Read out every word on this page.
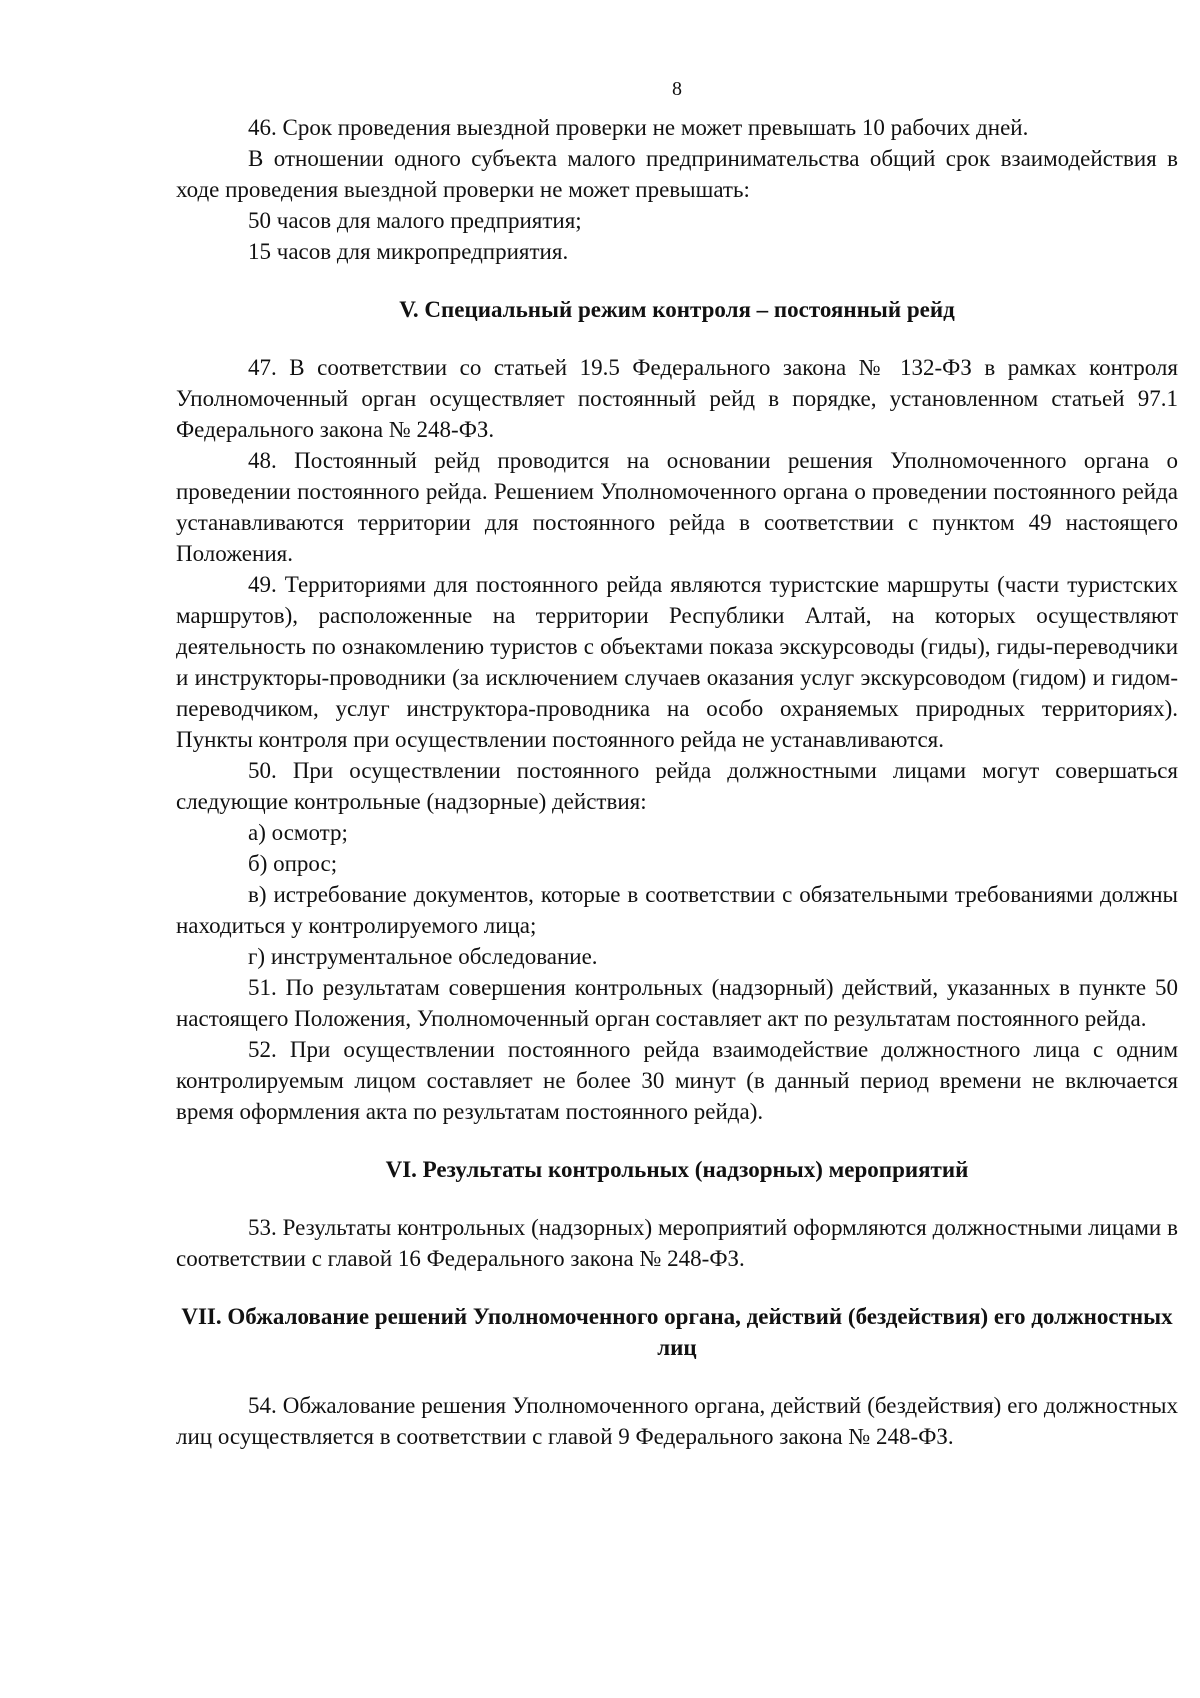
8

46. Срок проведения выездной проверки не может превышать 10 рабочих дней.

В отношении одного субъекта малого предпринимательства общий срок взаимодействия в ходе проведения выездной проверки не может превышать:

50 часов для малого предприятия;

15 часов для микропредприятия.

V. Специальный режим контроля – постоянный рейд

47. В соответствии со статьей 19.5 Федерального закона № 132-ФЗ в рамках контроля Уполномоченный орган осуществляет постоянный рейд в порядке, установленном статьей 97.1 Федерального закона № 248-ФЗ.

48. Постоянный рейд проводится на основании решения Уполномоченного органа о проведении постоянного рейда. Решением Уполномоченного органа о проведении постоянного рейда устанавливаются территории для постоянного рейда в соответствии с пунктом 49 настоящего Положения.

49. Территориями для постоянного рейда являются туристские маршруты (части туристских маршрутов), расположенные на территории Республики Алтай, на которых осуществляют деятельность по ознакомлению туристов с объектами показа экскурсоводы (гиды), гиды-переводчики и инструкторы-проводники (за исключением случаев оказания услуг экскурсоводом (гидом) и гидом-переводчиком, услуг инструктора-проводника на особо охраняемых природных территориях). Пункты контроля при осуществлении постоянного рейда не устанавливаются.

50. При осуществлении постоянного рейда должностными лицами могут совершаться следующие контрольные (надзорные) действия:

а) осмотр;

б) опрос;

в) истребование документов, которые в соответствии с обязательными требованиями должны находиться у контролируемого лица;

г) инструментальное обследование.

51. По результатам совершения контрольных (надзорный) действий, указанных в пункте 50 настоящего Положения, Уполномоченный орган составляет акт по результатам постоянного рейда.

52. При осуществлении постоянного рейда взаимодействие должностного лица с одним контролируемым лицом составляет не более 30 минут (в данный период времени не включается время оформления акта по результатам постоянного рейда).

VI. Результаты контрольных (надзорных) мероприятий

53. Результаты контрольных (надзорных) мероприятий оформляются должностными лицами в соответствии с главой 16 Федерального закона № 248-ФЗ.

VII. Обжалование решений Уполномоченного органа, действий (бездействия) его должностных лиц

54. Обжалование решения Уполномоченного органа, действий (бездействия) его должностных лиц осуществляется в соответствии с главой 9 Федерального закона № 248-ФЗ.
